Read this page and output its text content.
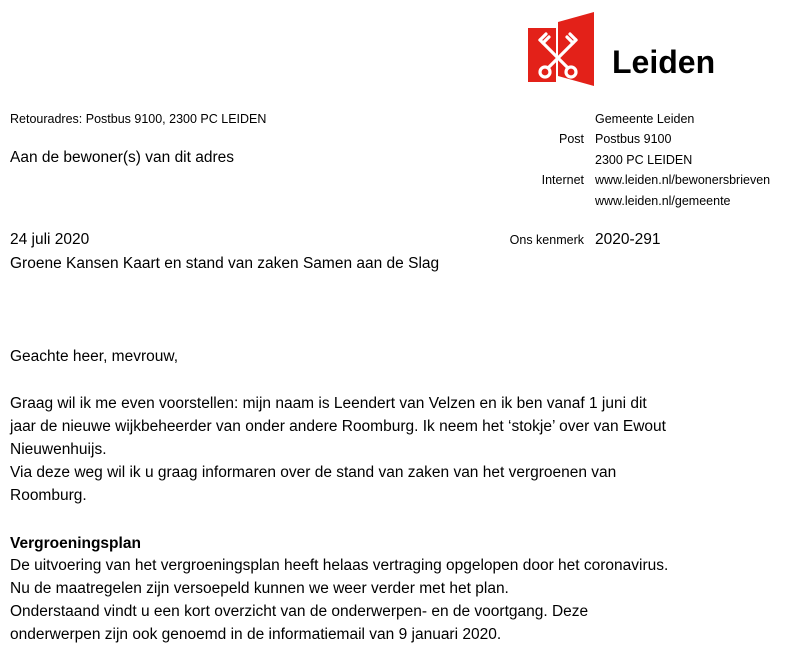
Leiden
Retouradres: Postbus 9100, 2300 PC LEIDEN
Aan de bewoner(s) van dit adres
Gemeente Leiden
Post Postbus 9100
2300 PC LEIDEN
Internet www.leiden.nl/bewonersbrieven
www.leiden.nl/gemeente
24 juli 2020	Ons kenmerk 2020-291
Groene Kansen Kaart en stand van zaken Samen aan de Slag
Geachte heer, mevrouw,
Graag wil ik me even voorstellen: mijn naam is Leendert van Velzen en ik ben vanaf 1 juni dit
jaar de nieuwe wijkbeheerder van onder andere Roomburg. Ik neem het ‘stokje’ over van Ewout
Nieuwenhuijs.
Via deze weg wil ik u graag informaren over de stand van zaken van het vergroenen van
Roomburg.
Vergroeningsplan
De uitvoering van het vergroeningsplan heeft helaas vertraging opgelopen door het coronavirus.
Nu de maatregelen zijn versoepeld kunnen we weer verder met het plan.
Onderstaand vindt u een kort overzicht van de onderwerpen- en de voortgang. Deze
onderwerpen zijn ook genoemd in de informatiemail van 9 januari 2020.
